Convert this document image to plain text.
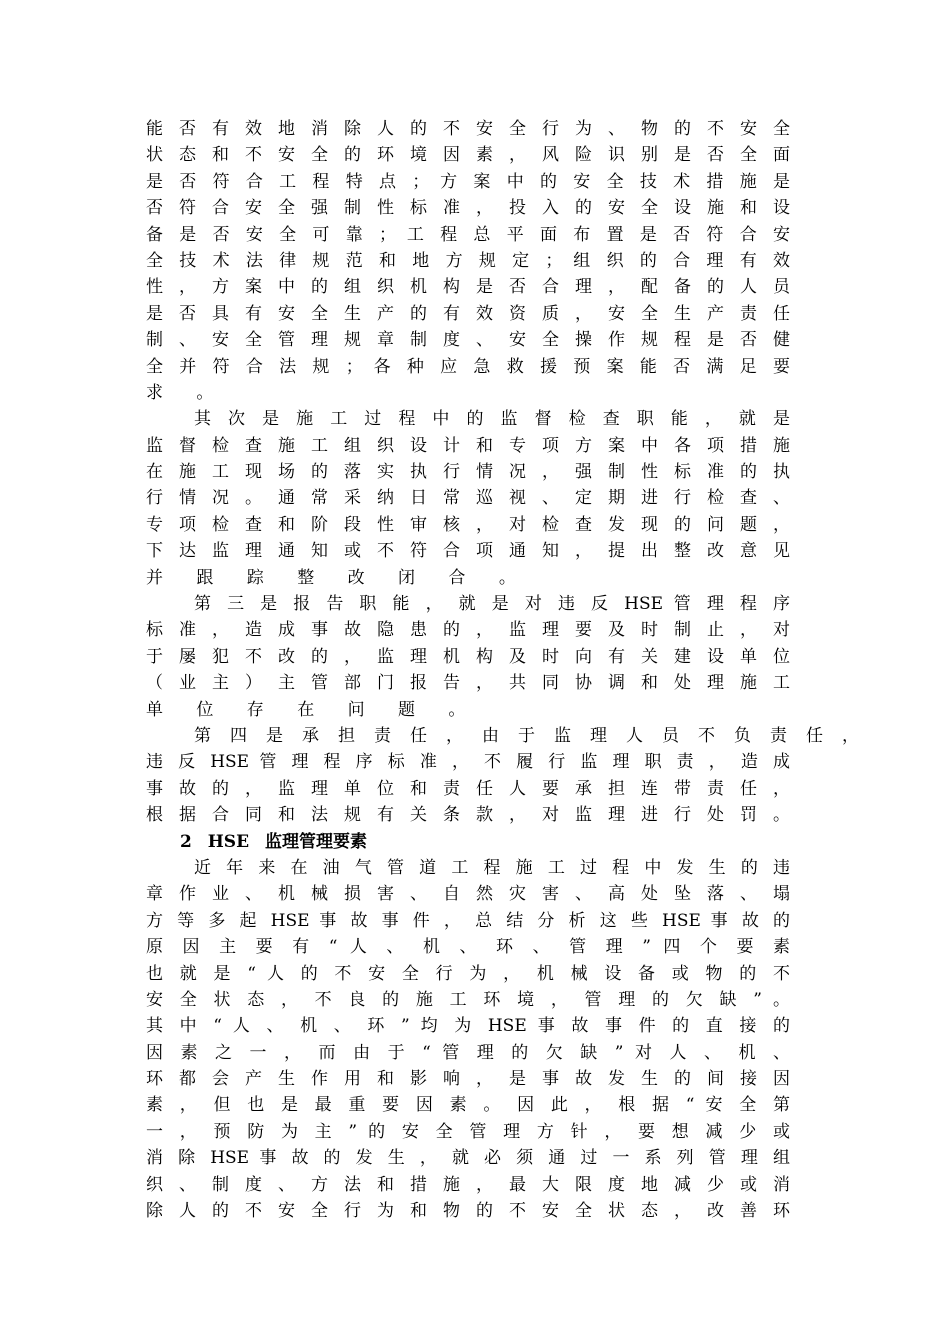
能 否 有 效 地 消 除 人 的 不 安 全 行 为 、 物 的 不 安 全
状 态 和 不 安 全 的 环 境 因 素 ， 风 险 识 别 是 否 全 面
是 否 符 合 工 程 特 点 ； 方 案 中 的 安 全 技 术 措 施 是
否 符 合 安 全 强 制 性 标 准 ， 投 入 的 安 全 设 施 和 设
备 是 否 安 全 可 靠 ； 工 程 总 平 面 布 置 是 否 符 合 安
全 技 术 法 律 规 范 和 地 方 规 定 ； 组 织 的 合 理 有 效
性 ， 方 案 中 的 组 织 机 构 是 否 合 理 ， 配 备 的 人 员
是 否 具 有 安 全 生 产 的 有 效 资 质 ， 安 全 生 产 责 任
制 、 安 全 管 理 规 章 制 度 、 安 全 操 作 规 程 是 否 健
全 并 符 合 法 规 ； 各 种 应 急 救 援 预 案 能 否 满 足 要
求 。
其 次 是 施 工 过 程 中 的 监 督 检 查 职 能 ， 就 是
监 督 检 查 施 工 组 织 设 计 和 专 项 方 案 中 各 项 措 施
在 施 工 现 场 的 落 实 执 行 情 况 ， 强 制 性 标 准 的 执
行 情 况 。 通 常 采 纳 日 常 巡 视 、 定 期 进 行 检 查 、
专 项 检 查 和 阶 段 性 审 核 ， 对 检 查 发 现 的 问 题 ，
下 达 监 理 通 知 或 不 符 合 项 通 知 ， 提 出 整 改 意 见
并 跟 踪 整 改 闭 合 。
第 三 是 报 告 职 能 ， 就 是 对 违 反 HSE 管 理 程 序
标 准 ， 造 成 事 故 隐 患 的 ， 监 理 要 及 时 制 止 ， 对
于 屡 犯 不 改 的 ， 监 理 机 构 及 时 向 有 关 建 设 单 位
（ 业 主 ） 主 管 部 门 报 告 ， 共 同 协 调 和 处 理 施 工
单 位 存 在 问 题 。
第 四 是 承 担 责 任 ， 由 于 监 理 人 员 不 负 责 任 ，
违 反 HSE 管 理 程 序 标 准 ， 不 履 行 监 理 职 责 ， 造 成
事 故 的 ， 监 理 单 位 和 责 任 人 要 承 担 连 带 责 任 ，
根 据 合 同 和 法 规 有 关 条 款 ， 对 监 理 进 行 处 罚 。
2 HSE 监理管理要素
近 年 来 在 油 气 管 道 工 程 施 工 过 程 中 发 生 的 违
章 作 业 、 机 械 损 害 、 自 然 灾 害 、 高 处 坠 落 、 塌
方 等 多 起 HSE 事 故 事 件 ， 总 结 分 析 这 些 HSE 事 故 的
原 因 主 要 有 “ 人 、 机 、 环 、 管 理 ” 四 个 要 素
也 就 是 “ 人 的 不 安 全 行 为 ， 机 械 设 备 或 物 的 不
安 全 状 态 ， 不 良 的 施 工 环 境 ， 管 理 的 欠 缺 ” 。
其 中 “ 人 、 机 、 环 ” 均 为 HSE 事 故 事 件 的 直 接 的
因 素 之 一 ， 而 由 于 “ 管 理 的 欠 缺 ” 对 人 、 机 、
环 都 会 产 生 作 用 和 影 响 ， 是 事 故 发 生 的 间 接 因
素 ， 但 也 是 最 重 要 因 素 。 因 此 ， 根 据 “ 安 全 第
一 ， 预 防 为 主 ” 的 安 全 管 理 方 针 ， 要 想 减 少 或
消 除 HSE 事 故 的 发 生 ， 就 必 须 通 过 一 系 列 管 理 组
织 、 制 度 、 方 法 和 措 施 ， 最 大 限 度 地 减 少 或 消
除 人 的 不 安 全 行 为 和 物 的 不 安 全 状 态 ， 改 善 环
